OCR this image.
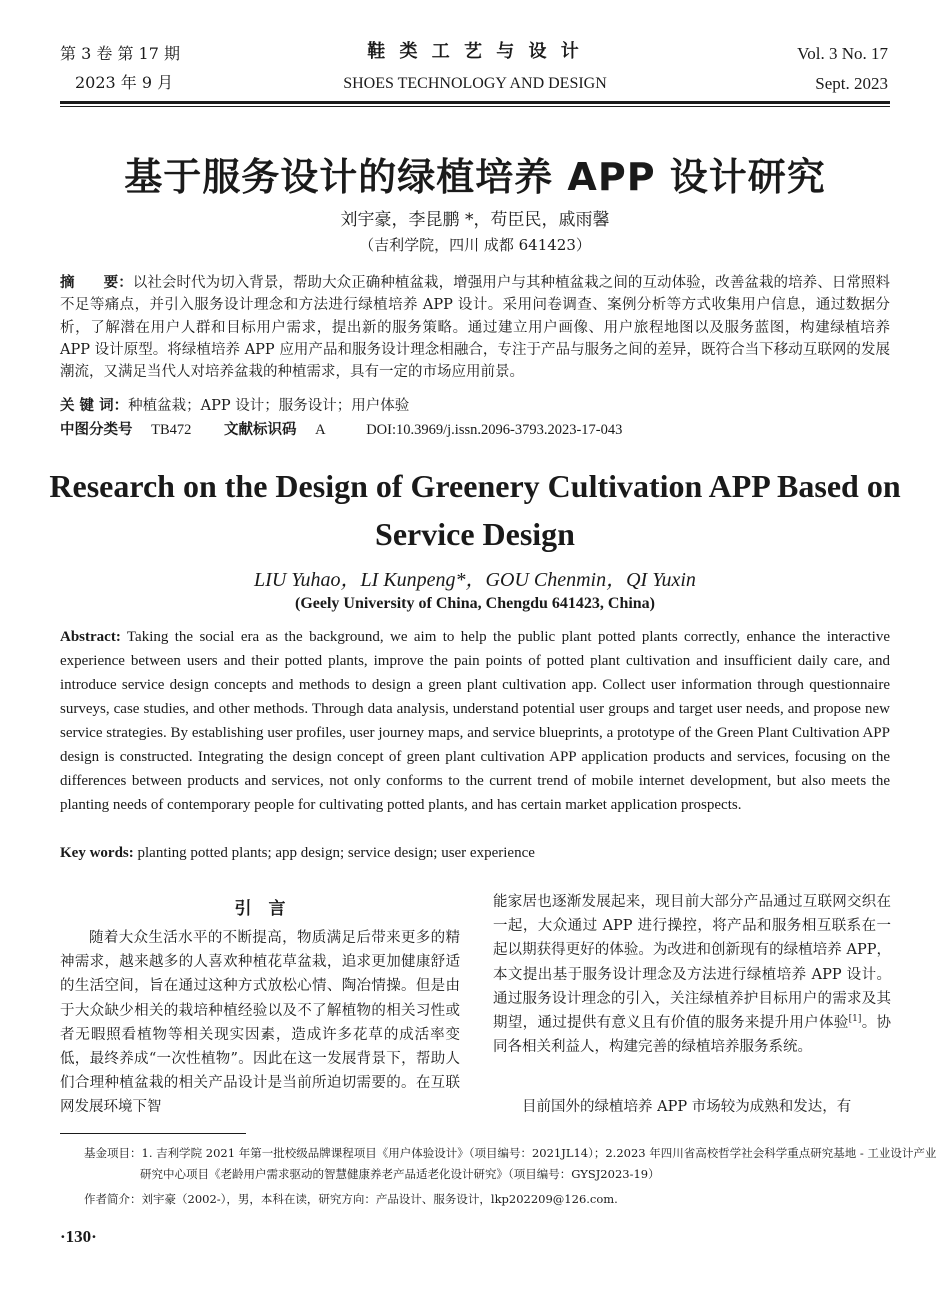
第 3 卷 第 17 期
2023 年 9 月
鞋 类 工 艺 与 设 计
SHOES TECHNOLOGY AND DESIGN
Vol. 3 No. 17
Sept. 2023
基于服务设计的绿植培养 APP 设计研究
刘宇豪，李昆鹏 *，苟臣民，戚雨馨
（吉利学院，四川 成都 641423）
摘　　要：以社会时代为切入背景，帮助大众正确种植盆栽，增强用户与其种植盆栽之间的互动体验，改善盆栽的培养、日常照料不足等痛点，并引入服务设计理念和方法进行绿植培养 APP 设计。采用问卷调查、案例分析等方式收集用户信息，通过数据分析，了解潜在用户人群和目标用户需求，提出新的服务策略。通过建立用户画像、用户旅程地图以及服务蓝图，构建绿植培养 APP 设计原型。将绿植培养 APP 应用产品和服务设计理念相融合，专注于产品与服务之间的差异，既符合当下移动互联网的发展潮流，又满足当代人对培养盆栽的种植需求，具有一定的市场应用前景。
关 键 词：种植盆栽；APP 设计；服务设计；用户体验
中图分类号 TB472 文献标识码 A	DOI:10.3969/j.issn.2096-3793.2023-17-043
Research on the Design of Greenery Cultivation APP Based on
Service Design
LIU Yuhao，LI Kunpeng*，GOU Chenmin，QI Yuxin
(Geely University of China, Chengdu 641423, China)
Abstract: Taking the social era as the background, we aim to help the public plant potted plants correctly, enhance the interactive experience between users and their potted plants, improve the pain points of potted plant cultivation and insufficient daily care, and introduce service design concepts and methods to design a green plant cultivation app. Collect user information through questionnaire surveys, case studies, and other methods. Through data analysis, understand potential user groups and target user needs, and propose new service strategies. By establishing user profiles, user journey maps, and service blueprints, a prototype of the Green Plant Cultivation APP design is constructed. Integrating the design concept of green plant cultivation APP application products and services, focusing on the differences between products and services, not only conforms to the current trend of mobile internet development, but also meets the planting needs of contemporary people for cultivating potted plants, and has certain market application prospects.
Key words: planting potted plants; app design; service design; user experience
引　言
随着大众生活水平的不断提高，物质满足后带来更多的精神需求，越来越多的人喜欢种植花草盆栽，追求更加健康舒适的生活空间，旨在通过这种方式放松心情、陶冶情操。但是由于大众缺少相关的栽培种植经验以及不了解植物的相关习性或者无暇照看植物等相关现实因素，造成许多花草的成活率变低，最终养成“一次性植物”。因此在这一发展背景下，帮助人们合理种植盆栽的相关产品设计是当前所迫切需要的。在互联网发展环境下智
能家居也逐渐发展起来，现目前大部分产品通过互联网交织在一起，大众通过 APP 进行操控，将产品和服务相互联系在一起以期获得更好的体验。为改进和创新现有的绿植培养 APP，本文提出基于服务设计理念及方法进行绿植培养 APP 设计。通过服务设计理念的引入，关注绿植养护目标用户的需求及其期望，通过提供有意义且有价值的服务来提升用户体验[1]。协同各相关利益人，构建完善的绿植培养服务系统。
目前国外的绿植培养 APP 市场较为成熟和发达，有
基金项目：1. 吉利学院 2021 年第一批校级品牌课程项目《用户体验设计》（项目编号：2021JL14）；2.2023 年四川省高校哲学社会科学重点研究基地 - 工业设计产业研究中心项目《老龄用户需求驱动的智慧健康养老产品适老化设计研究》（项目编号：GYSJ2023-19）
作者简介：刘宇豪（2002-），男，本科在读，研究方向：产品设计、服务设计，lkp202209@126.com.
·130·
